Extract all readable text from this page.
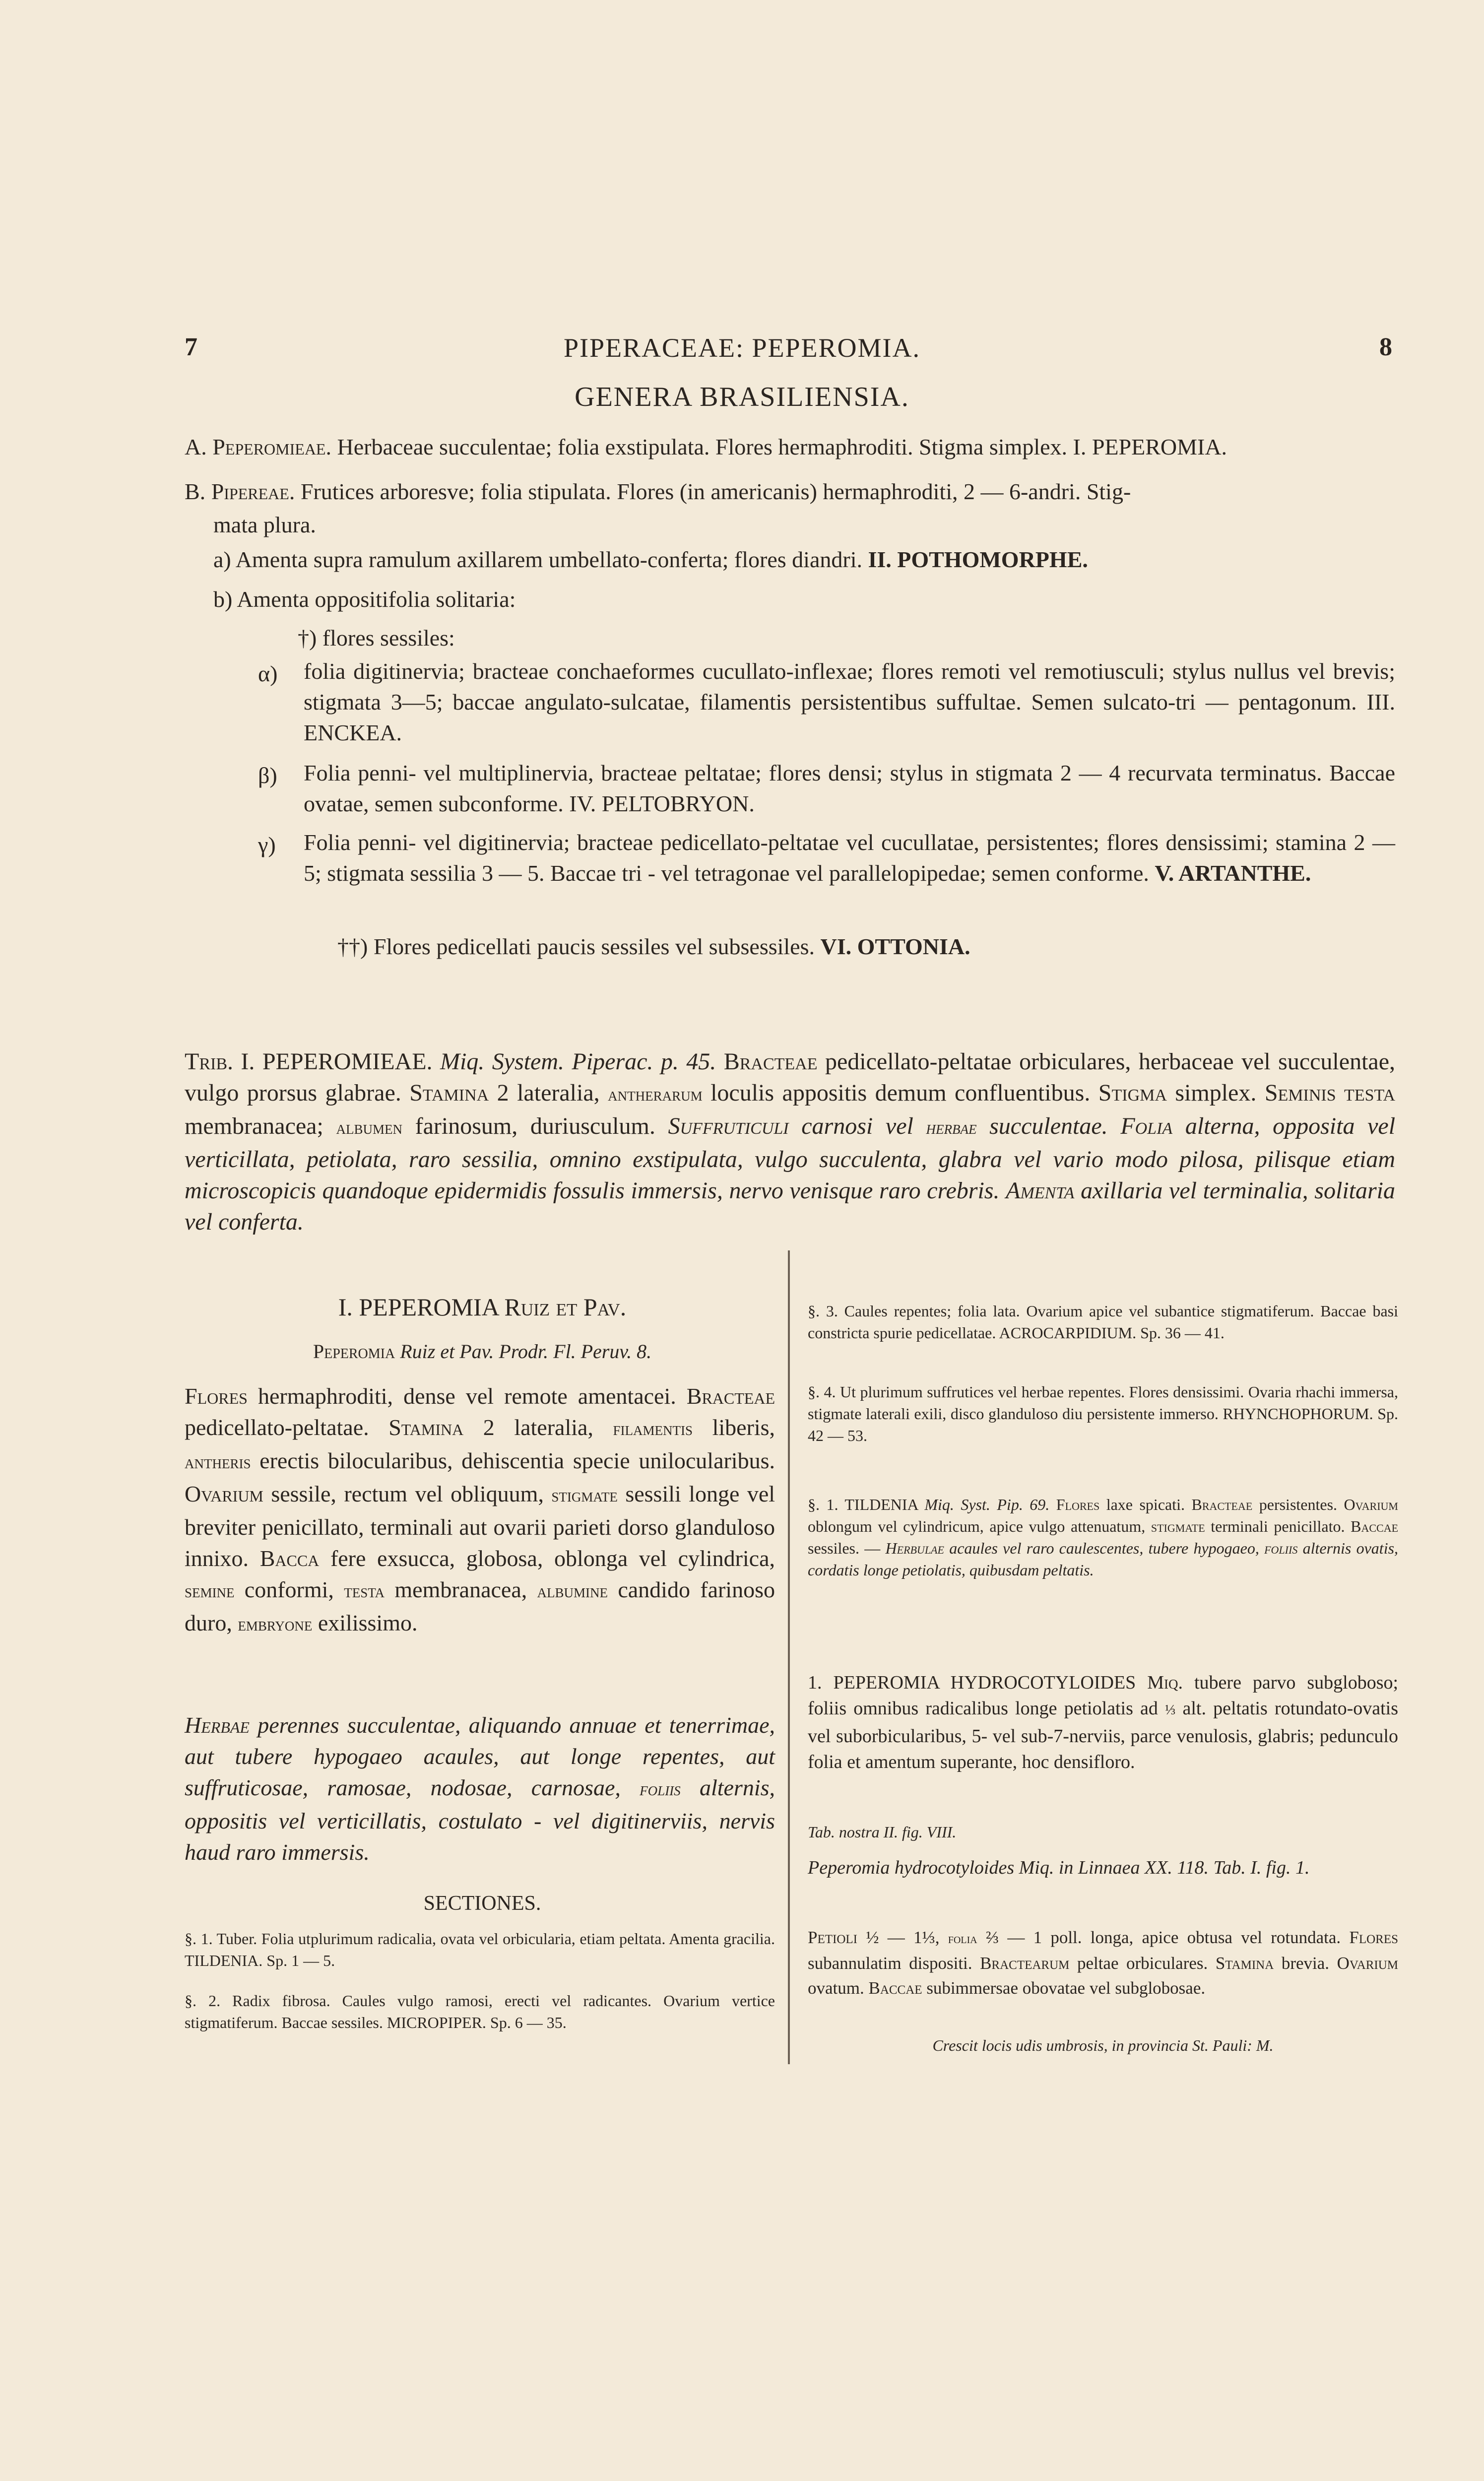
7	PIPERACEAE: PEPEROMIA.	8
GENERA BRASILIENSIA.
A. Peperomieae. Herbaceae succulentae; folia exstipulata. Flores hermaphroditi. Stigma simplex. I. PEPEROMIA.
B. Pipereae. Frutices arboresve; folia stipulata. Flores (in americanis) hermaphroditi, 2 — 6-andri. Stig-
mata plura.
a) Amenta supra ramulum axillarem umbellato-conferta; flores diandri. II. POTHOMORPHE.
b) Amenta oppositifolia solitaria:
†) flores sessiles:
α) folia digitinervia; bracteae conchaeformes cucullato-inflexae; flores remoti vel remotiusculi; stylus nullus vel brevis; stigmata 3—5; baccae angulato-sulcatae, filamentis persistentibus suffultae. Semen sulcato-tri — pentagonum. III. ENCKEA.
β) Folia penni- vel multiplinervia, bracteae peltatae; flores densi; stylus in stigmata 2 — 4 recurvata terminatus. Baccae ovatae, semen subconforme. IV. PELTOBRYON.
γ) Folia penni- vel digitinervia; bracteae pedicellato-peltatae vel cucullatae, persistentes; flores densissimi; stamina 2 — 5; stigmata sessilia 3 — 5. Baccae tri - vel tetragonae vel parallelopipedae; semen conforme. V. ARTANTHE.
††) Flores pedicellati paucis sessiles vel subsessiles. VI. OTTONIA.
Trib. I. PEPEROMIEAE. Miq. System. Piperac. p. 45. Bracteae pedicellato-peltatae orbiculares, herbaceae vel succulentae, vulgo prorsus glabrae. Stamina 2 lateralia, antherarum loculis appositis demum confluentibus. Stigma simplex. Seminis testa membranacea; albumen farinosum, duriusculum. Suffruticuli carnosi vel herbae succulentae. Folia alterna, opposita vel verticillata, petiolata, raro sessilia, omnino exstipulata, vulgo succulenta, glabra vel vario modo pilosa, pilisque etiam microscopicis quandoque epidermidis fossulis immersis, nervo venisque raro crebris. Amenta axillaria vel terminalia, solitaria vel conferta.
I. PEPEROMIA Ruiz et Pav.
Peperomia Ruiz et Pav. Prodr. Fl. Peruv. 8.
Flores hermaphroditi, dense vel remote amentacei. Bracteae pedicellato-peltatae. Stamina 2 lateralia, filamentis liberis, antheris erectis bilocularibus, dehiscentia specie unilocularibus. Ovarium sessile, rectum vel obliquum, stigmate sessili longe vel breviter penicillato, terminali aut ovarii parieti dorso glanduloso innixo. Bacca fere exsucca, globosa, oblonga vel cylindrica, semine conformi, testa membranacea, albumine candido farinoso duro, embryone exilissimo.
Herbae perennes succulentae, aliquando annuae et tenerrimae, aut tubere hypogaeo acaules, aut longe repentes, aut suffruticosae, ramosae, nodosae, carnosae, foliis alternis, oppositis vel verticillatis, costulato - vel digitinerviis, nervis haud raro immersis.
SECTIONES.
§. 1. Tuber. Folia utplurimum radicalia, ovata vel orbicularia, etiam peltata. Amenta gracilia. TILDENIA. Sp. 1 — 5.
§. 2. Radix fibrosa. Caules vulgo ramosi, erecti vel radicantes. Ovarium vertice stigmatiferum. Baccae sessiles. MICROPIPER. Sp. 6 — 35.
§. 3. Caules repentes; folia lata. Ovarium apice vel subantice stigmatiferum. Baccae basi constricta spurie pedicellatae. ACROCARPIDIUM. Sp. 36 — 41.
§. 4. Ut plurimum suffrutices vel herbae repentes. Flores densissimi. Ovaria rhachi immersa, stigmate laterali exili, disco glanduloso diu persistente immerso. RHYNCHOPHORUM. Sp. 42 — 53.
§. 1. TILDENIA Miq. Syst. Pip. 69. Flores laxe spicati. Bracteae persistentes. Ovarium oblongum vel cylindricum, apice vulgo attenuatum, stigmate terminali penicillato. Baccae sessiles. — Herbulae acaules vel raro caulescentes, tubere hypogaeo, foliis alternis ovatis, cordatis longe petiolatis, quibusdam peltatis.
1. PEPEROMIA HYDROCOTYLOIDES Miq. tubere parvo subgloboso; foliis omnibus radicalibus longe petiolatis ad ⅓ alt. peltatis rotundato-ovatis vel suborbicularibus, 5- vel sub-7-nerviis, parce venulosis, glabris; pedunculo folia et amentum superante, hoc densifloro.
Tab. nostra II. fig. VIII.
Peperomia hydrocotyloides Miq. in Linnaea XX. 118. Tab. I. fig. 1.
Petioli ½ — 1⅓, folia ⅔ — 1 poll. longa, apice obtusa vel rotundata. Flores subannulatim dispositi. Bractearum peltae orbiculares. Stamina brevia. Ovarium ovatum. Baccae subimmersae obovatae vel subglobosae.
Crescit locis udis umbrosis, in provincia St. Pauli: M.
